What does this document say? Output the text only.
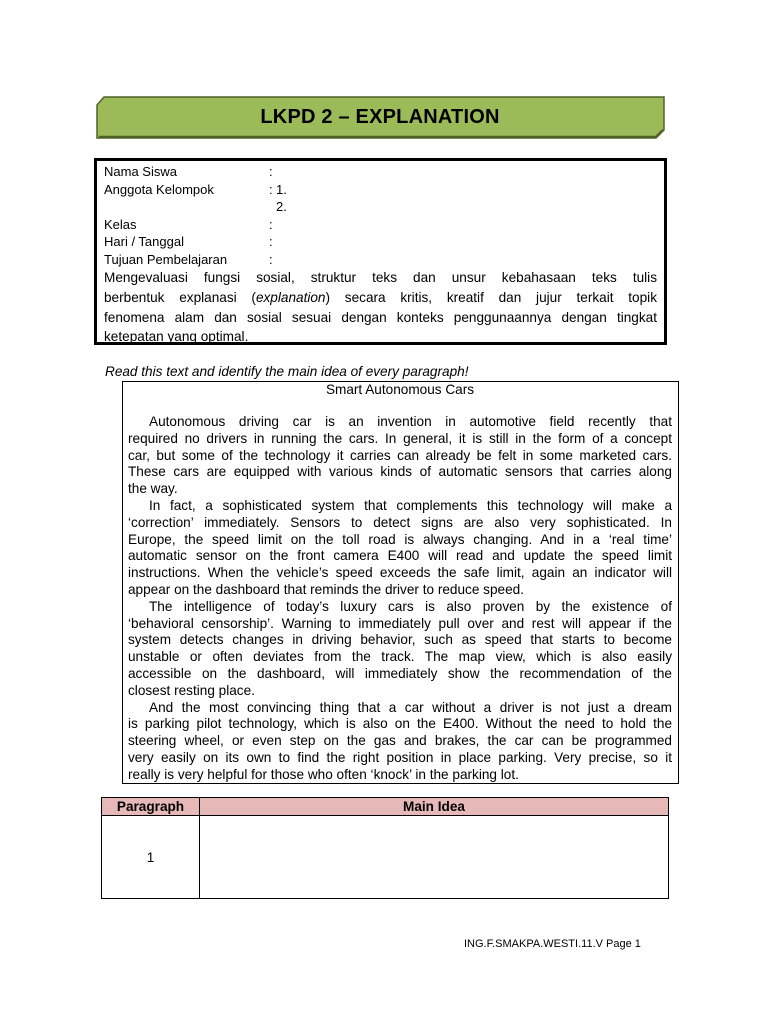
LKPD 2 – EXPLANATION
Nama Siswa	:
Anggota Kelompok	: 1.
2.
Kelas	:
Hari / Tanggal	:
Tujuan Pembelajaran	:
Mengevaluasi fungsi sosial, struktur teks dan unsur kebahasaan teks tulis
berbentuk explanasi (explanation) secara kritis, kreatif dan jujur terkait topik
fenomena alam dan sosial sesuai dengan konteks penggunaannya dengan tingkat
ketepatan yang optimal.
Read this text and identify the main idea of every paragraph!
Smart Autonomous Cars
Autonomous driving car is an invention in automotive field recently that
required no drivers in running the cars. In general, it is still in the form of a concept
car, but some of the technology it carries can already be felt in some marketed cars.
These cars are equipped with various kinds of automatic sensors that carries along
the way.
In fact, a sophisticated system that complements this technology will make a
‘correction’ immediately. Sensors to detect signs are also very sophisticated. In
Europe, the speed limit on the toll road is always changing. And in a ‘real time’
automatic sensor on the front camera E400 will read and update the speed limit
instructions. When the vehicle’s speed exceeds the safe limit, again an indicator will
appear on the dashboard that reminds the driver to reduce speed.
The intelligence of today’s luxury cars is also proven by the existence of
‘behavioral censorship’. Warning to immediately pull over and rest will appear if the
system detects changes in driving behavior, such as speed that starts to become
unstable or often deviates from the track. The map view, which is also easily
accessible on the dashboard, will immediately show the recommendation of the
closest resting place.
And the most convincing thing that a car without a driver is not just a dream
is parking pilot technology, which is also on the E400. Without the need to hold the
steering wheel, or even step on the gas and brakes, the car can be programmed
very easily on its own to find the right position in place parking. Very precise, so it
really is very helpful for those who often ‘knock’ in the parking lot.
Paragraph	Main Idea
1	
ING.F.SMAKPA.WESTI.11.V Page 1
